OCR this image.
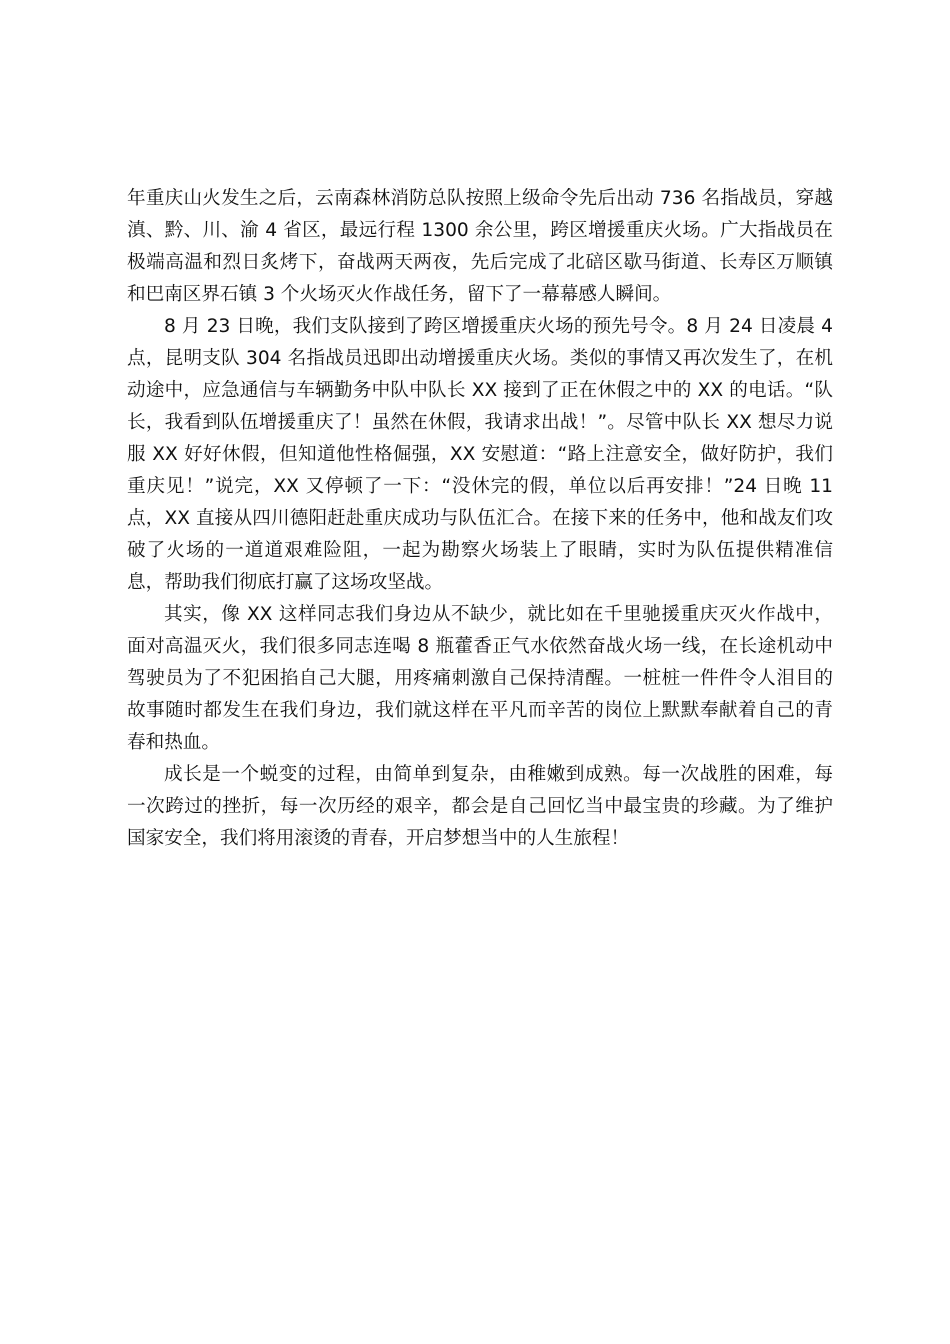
年重庆山火发生之后，云南森林消防总队按照上级命令先后出动 736 名指战员，穿越滇、黔、川、渝 4 省区，最远行程 1300 余公里，跨区增援重庆火场。广大指战员在极端高温和烈日炙烤下，奋战两天两夜，先后完成了北碚区歇马街道、长寿区万顺镇和巴南区界石镇 3 个火场灭火作战任务，留下了一幕幕感人瞬间。

8 月 23 日晚，我们支队接到了跨区增援重庆火场的预先号令。8 月 24 日凌晨 4 点，昆明支队 304 名指战员迅即出动增援重庆火场。类似的事情又再次发生了，在机动途中，应急通信与车辆勤务中队中队长 XX 接到了正在休假之中的 XX 的电话。“队长，我看到队伍增援重庆了！虽然在休假，我请求出战！”。尽管中队长 XX 想尽力说服 XX 好好休假，但知道他性格倔强，XX 安慰道：“路上注意安全，做好防护，我们重庆见！”说完，XX 又停顿了一下：“没休完的假，单位以后再安排！”24 日晚 11 点，XX 直接从四川德阳赶赴重庆成功与队伍汇合。在接下来的任务中，他和战友们攻破了火场的一道道艰难险阻，一起为勘察火场装上了眼睛，实时为队伍提供精准信息，帮助我们彻底打赢了这场攻坚战。

其实，像 XX 这样同志我们身边从不缺少，就比如在千里驰援重庆灭火作战中，面对高温灭火，我们很多同志连喝 8 瓶藿香正气水依然奋战火场一线，在长途机动中驾驶员为了不犯困掐自己大腿，用疼痛刺激自己保持清醒。一桩桩一件件令人泪目的故事随时都发生在我们身边，我们就这样在平凡而辛苦的岗位上默默奉献着自己的青春和热血。

成长是一个蜕变的过程，由简单到复杂，由稚嫩到成熟。每一次战胜的困难，每一次跨过的挫折，每一次历经的艰辛，都会是自己回忆当中最宝贵的珍藏。为了维护国家安全，我们将用滚烫的青春，开启梦想当中的人生旅程！
